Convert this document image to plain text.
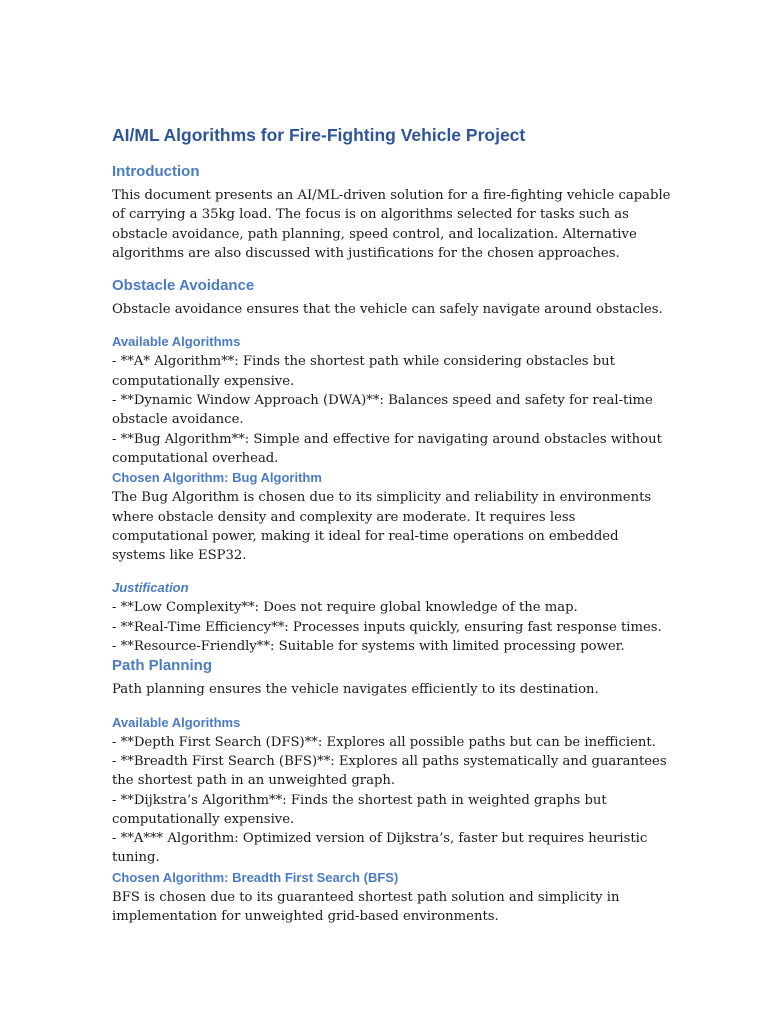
AI/ML Algorithms for Fire-Fighting Vehicle Project
Introduction

This document presents an AI/ML-driven solution for a fire-fighting vehicle capable of carrying a 35kg load. The focus is on algorithms selected for tasks such as obstacle avoidance, path planning, speed control, and localization. Alternative algorithms are also discussed with justifications for the chosen approaches.

Obstacle Avoidance

Obstacle avoidance ensures that the vehicle can safely navigate around obstacles.

Available Algorithms
- **A* Algorithm**: Finds the shortest path while considering obstacles but computationally expensive.
- **Dynamic Window Approach (DWA)**: Balances speed and safety for real-time obstacle avoidance.
- **Bug Algorithm**: Simple and effective for navigating around obstacles without computational overhead.
Chosen Algorithm: Bug Algorithm

The Bug Algorithm is chosen due to its simplicity and reliability in environments where obstacle density and complexity are moderate. It requires less computational power, making it ideal for real-time operations on embedded systems like ESP32.

Justification
- **Low Complexity**: Does not require global knowledge of the map.
- **Real-Time Efficiency**: Processes inputs quickly, ensuring fast response times.
- **Resource-Friendly**: Suitable for systems with limited processing power.
Path Planning

Path planning ensures the vehicle navigates efficiently to its destination.

Available Algorithms
- **Depth First Search (DFS)**: Explores all possible paths but can be inefficient.
- **Breadth First Search (BFS)**: Explores all paths systematically and guarantees the shortest path in an unweighted graph.
- **Dijkstra’s Algorithm**: Finds the shortest path in weighted graphs but computationally expensive.
- **A*** Algorithm: Optimized version of Dijkstra’s, faster but requires heuristic tuning.
Chosen Algorithm: Breadth First Search (BFS)

BFS is chosen due to its guaranteed shortest path solution and simplicity in implementation for unweighted grid-based environments.
